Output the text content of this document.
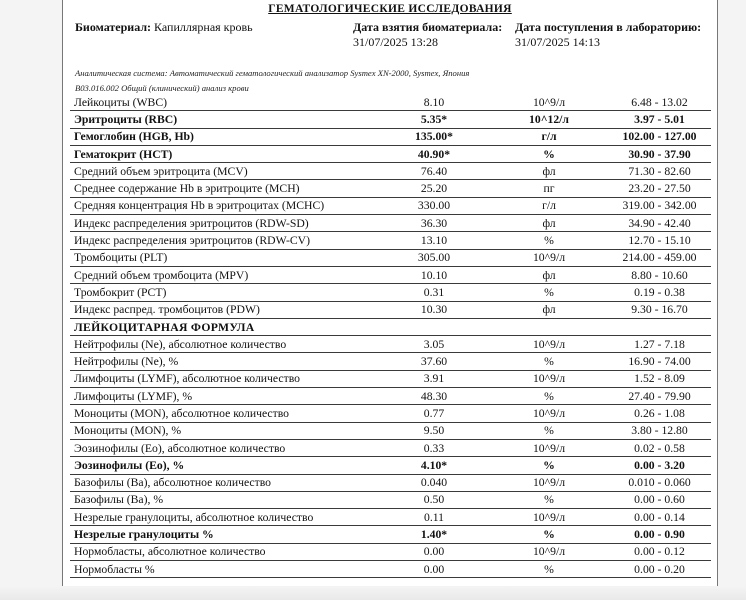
ГЕМАТОЛОГИЧЕСКИЕ ИССЛЕДОВАНИЯ
Биоматериал: Капиллярная кровь	Дата взятия биоматериала:
31/07/2025 13:28
Дата поступления в лабораторию:
31/07/2025 14:13
Аналитическая система: Автоматический гематологический анализатор Sysmex XN-2000, Sysmex, Япония
B03.016.002 Общий (клинический) анализ крови
Лейкоциты (WBC)	8.10	10^9/л	6.48 - 13.02
Эритроциты (RBC)	5.35*	10^12/л	3.97 - 5.01
Гемоглобин (HGB, Hb)	135.00*	г/л	102.00 - 127.00
Гематокрит (HCT)	40.90*	%	30.90 - 37.90
Средний объем эритроцита (MCV)	76.40	фл	71.30 - 82.60
Среднее содержание Hb в эритроците (MCH)	25.20	пг	23.20 - 27.50
Средняя концентрация Hb в эритроцитах (MCHC)	330.00	г/л	319.00 - 342.00
Индекс распределения эритроцитов (RDW-SD)	36.30	фл	34.90 - 42.40
Индекс распределения эритроцитов (RDW-CV)	13.10	%	12.70 - 15.10
Тромбоциты (PLT)	305.00	10^9/л	214.00 - 459.00
Средний объем тромбоцита (MPV)	10.10	фл	8.80 - 10.60
Тромбокрит (PCT)	0.31	%	0.19 - 0.38
Индекс распред. тромбоцитов (PDW)	10.30	фл	9.30 - 16.70
ЛЕЙКОЦИТАРНАЯ ФОРМУЛА			
Нейтрофилы (Ne), абсолютное количество	3.05	10^9/л	1.27 - 7.18
Нейтрофилы (Ne), %	37.60	%	16.90 - 74.00
Лимфоциты (LYMF), абсолютное количество	3.91	10^9/л	1.52 - 8.09
Лимфоциты (LYMF), %	48.30	%	27.40 - 79.90
Моноциты (MON), абсолютное количество	0.77	10^9/л	0.26 - 1.08
Моноциты (MON), %	9.50	%	3.80 - 12.80
Эозинофилы (Eo), абсолютное количество	0.33	10^9/л	0.02 - 0.58
Эозинофилы (Eo), %	4.10*	%	0.00 - 3.20
Базофилы (Ba), абсолютное количество	0.040	10^9/л	0.010 - 0.060
Базофилы (Ba), %	0.50	%	0.00 - 0.60
Незрелые гранулоциты, абсолютное количество	0.11	10^9/л	0.00 - 0.14
Незрелые гранулоциты %	1.40*	%	0.00 - 0.90
Нормобласты, абсолютное количество	0.00	10^9/л	0.00 - 0.12
Нормобласты %	0.00	%	0.00 - 0.20
